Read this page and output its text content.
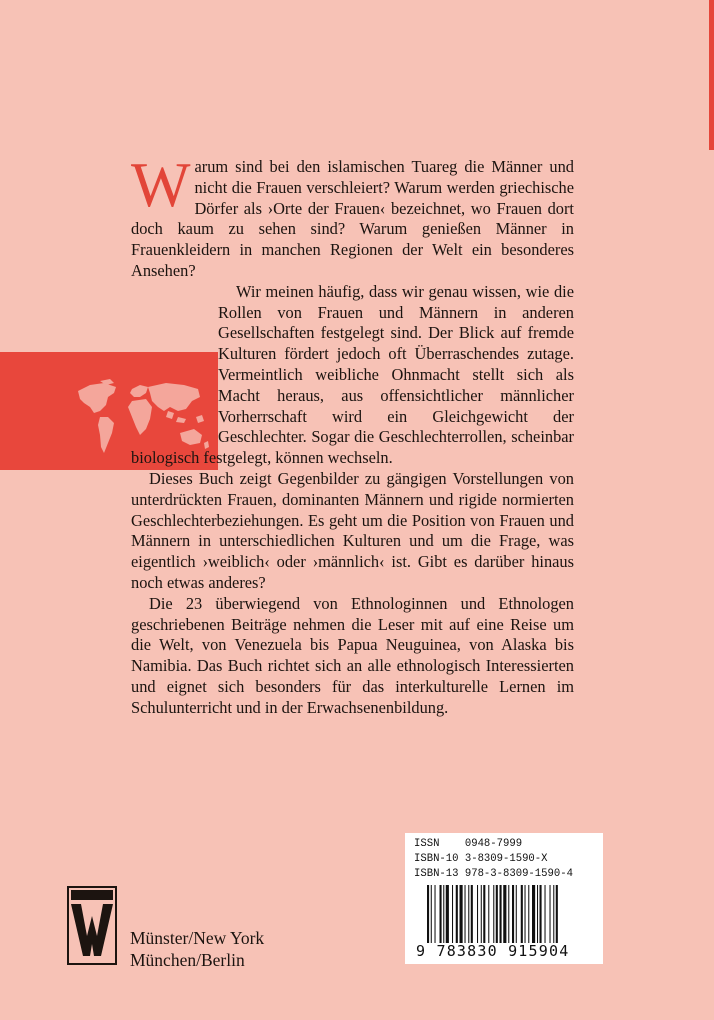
Warum sind bei den islamischen Tuareg die Männer und nicht die Frauen verschleiert? Warum werden griechische Dörfer als ›Orte der Frauen‹ bezeichnet, wo Frauen dort doch kaum zu sehen sind? Warum genießen Männer in Frauenkleidern in manchen Regionen der Welt ein besonderes Ansehen?

Wir meinen häufig, dass wir genau wissen, wie die Rollen von Frauen und Männern in anderen Gesellschaften festgelegt sind. Der Blick auf fremde Kulturen fördert jedoch oft Überraschendes zutage. Vermeintlich weibliche Ohnmacht stellt sich als Macht heraus, aus offensichtlicher männlicher Vorherrschaft wird ein Gleichgewicht der Geschlechter. Sogar die Geschlechterrollen, scheinbar biologisch festgelegt, können wechseln.

Dieses Buch zeigt Gegenbilder zu gängigen Vorstellungen von unterdrückten Frauen, dominanten Männern und rigide normierten Geschlechterbeziehungen. Es geht um die Position von Frauen und Männern in unterschiedlichen Kulturen und um die Frage, was eigentlich ›weiblich‹ oder ›männlich‹ ist. Gibt es darüber hinaus noch etwas anderes?

Die 23 überwiegend von Ethnologinnen und Ethnologen geschriebenen Beiträge nehmen die Leser mit auf eine Reise um die Welt, von Venezuela bis Papua Neuguinea, von Alaska bis Namibia. Das Buch richtet sich an alle ethnologisch Interessierten und eignet sich besonders für das interkulturelle Lernen im Schulunterricht und in der Erwachsenenbildung.

Münster/New York
München/Berlin
ISSN    0948-7999
ISBN-10 3-8309-1590-X
ISBN-13 978-3-8309-1590-4
9 783830 915904
